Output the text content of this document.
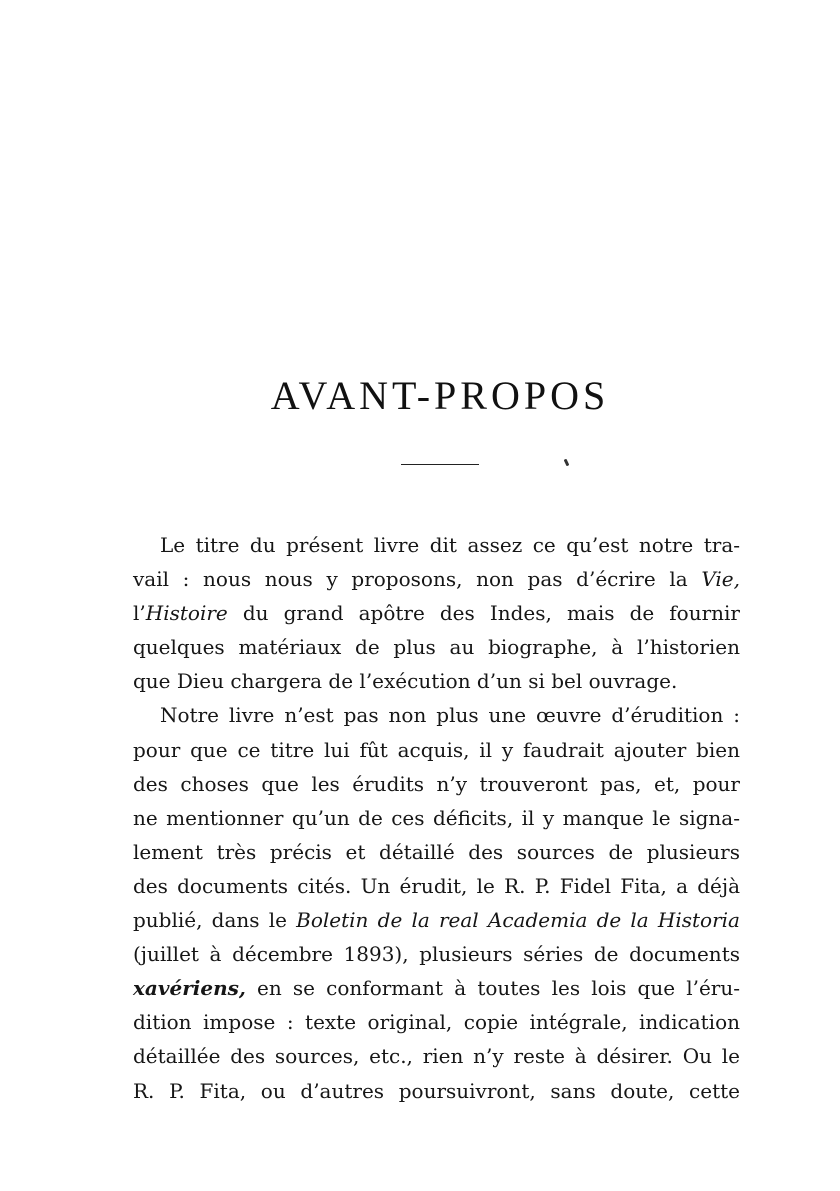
AVANT-PROPOS
Le titre du présent livre dit assez ce qu’est notre tra-
vail : nous nous y proposons, non pas d’écrire la Vie,
l’Histoire du grand apôtre des Indes, mais de fournir
quelques matériaux de plus au biographe, à l’historien
que Dieu chargera de l’exécution d’un si bel ouvrage.
Notre livre n’est pas non plus une œuvre d’érudition :
pour que ce titre lui fût acquis, il y faudrait ajouter bien
des choses que les érudits n’y trouveront pas, et, pour
ne mentionner qu’un de ces déficits, il y manque le signa-
lement très précis et détaillé des sources de plusieurs
des documents cités. Un érudit, le R. P. Fidel Fita, a déjà
publié, dans le Boletin de la real Academia de la Historia
(juillet à décembre 1893), plusieurs séries de documents
xavériens, en se conformant à toutes les lois que l’éru-
dition impose : texte original, copie intégrale, indication
détaillée des sources, etc., rien n’y reste à désirer. Ou le
R. P. Fita, ou d’autres poursuivront, sans doute, cette
